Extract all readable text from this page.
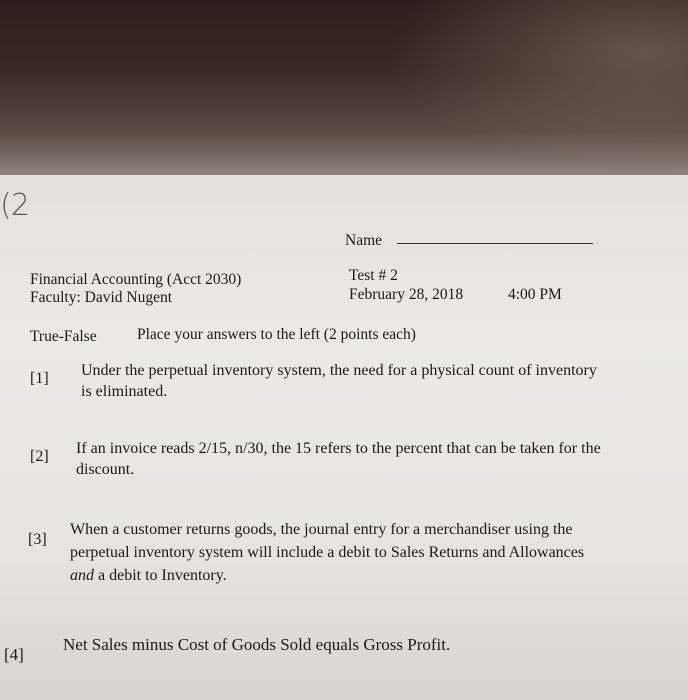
(2
Name
Financial Accounting (Acct 2030)
Faculty: David Nugent
Test # 2
February 28, 2018	4:00 PM
True-False	Place your answers to the left (2 points each)
[1] Under the perpetual inventory system, the need for a physical count of inventory
is eliminated.
[2] If an invoice reads 2/15, n/30, the 15 refers to the percent that can be taken for the
discount.
[3]
When a customer returns goods, the journal entry for a merchandiser using the
perpetual inventory system will include a debit to Sales Returns and Allowances
and a debit to Inventory.
[4]
Net Sales minus Cost of Goods Sold equals Gross Profit.
